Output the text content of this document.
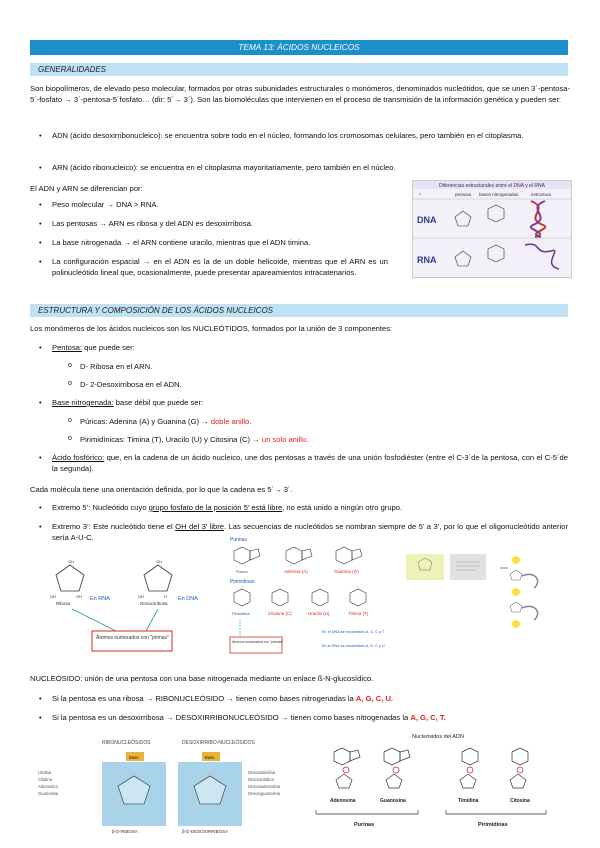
TEMA 13: ÁCIDOS NUCLEICOS
GENERALIDADES
Son biopolímeros, de elevado peso molecular, formados por otras subunidades estructurales o monómeros, denominados nucleótidos, que se unen 3´-pentosa-5´-fosfato → 3´-pentosa-5´fosfato… (dir: 5´→ 3´). Son las biomoléculas que intervienen en el proceso de transmisión de la información genética y pueden ser:
• ADN (ácido desoxirribonucleico): se encuentra sobre todo en el núcleo, formando los cromosomas celulares, pero también en el citoplasma.
• ARN (ácido ribonucleico): se encuentra en el citoplasma mayoritariamente, pero también en el núcleo.
El ADN y ARN se diferencian por:
• Peso molecular → DNA > RNA.
• Las pentosas → ARN es ribosa y del ADN es desoxirribosa.
• La base nitrogenada → el ARN contiene uracilo, mientras que el ADN timina.
• La configuración espacial → en el ADN es la de un doble helicoide, mientras que el ARN es un polinucleótido lineal que, ocasionalmente, puede presentar apareamientos intracatenarios.
Diferencias estructurales entre el DNA y el RNA
*	pentosa bases nitrogenadas	estructura
DNA
RNA
ESTRUCTURA Y COMPOSICIÓN DE LOS ÁCIDOS NUCLEICOS
Los monómeros de los ácidos nucleicos son los NUCLEÓTIDOS, formados por la unión de 3 componentes:
• Pentosa: que puede ser:
o D- Ribosa en el ARN.
o D- 2-Desoxirribosa en el ADN.
• Base nitrogenada: base débil que puede ser:
o Púricas: Adenina (A) y Guanina (G) → doble anillo.
o Pirimidínicas: Timina (T), Uracilo (U) y Citosina (C) → un solo anillo.
• Ácido fosfórico: que, en la cadena de un ácido nucleico, une dos pentosas a través de una unión fosfodiéster (entre el C-3´de la pentosa, con el C-5´de la segunda).
Cada molécula tiene una orientación definida, por lo que la cadena es 5´→ 3´.
• Extremo 5’: Nucleótido cuyo grupo fosfato de la posición 5’ está libre, no está unido a ningún otro grupo.
• Extremo 3’: Este nucleótido tiene el OH del 3’ libre. Las secuencias de nucleótidos se nombran siempre de 5’ a 3’, por lo que el oligonucleótido anterior sería A-U-C.
OH
OH	OH
Ribosa
En RNA
OH
OH	H
Desoxirribosa
En DNA
Átomos numerados con "primas"
Purinas
Purina	Adenina (A)	Guanina (G)
Pirimidinas
Pirimidina	Citosina (C)	Uracilo (U)	Timina (T)
Átomos numerados sin "primas"
En el DNA se encuentran A, G, C y T
En el RNA se encuentran A, G, C y U
NUCLEÓSIDO: unión de una pentosa con una base nitrogenada mediante un enlace ß-N-glucosídico.
• Si la pentosa es una ribosa → RIBONUCLEÓSIDO → tienen como bases nitrogenadas la A, G, C, U.
• Si la pentosa es un desoxirribosa → DESOXIRRIBONUCLEÓSIDO → tienen como bases nitrogenadas la A, G, C, T.
RIBONUCLEÓSIDOS	DESOXIRRIBO-NUCLEÓSIDOS
Base	Base
Uridina
Citidina
Adenosina
Guanosina
Desoxitimidina
Desoxicitidina
Desoxiadenosina
Desoxiguanosina
β-D-RIBOSA	β-D-DESOXIRRIBOSA
Nucleósidos del ADN
Adenosina	Guanosina	Timidina	Citosina
Purinas	Pirimidinas
